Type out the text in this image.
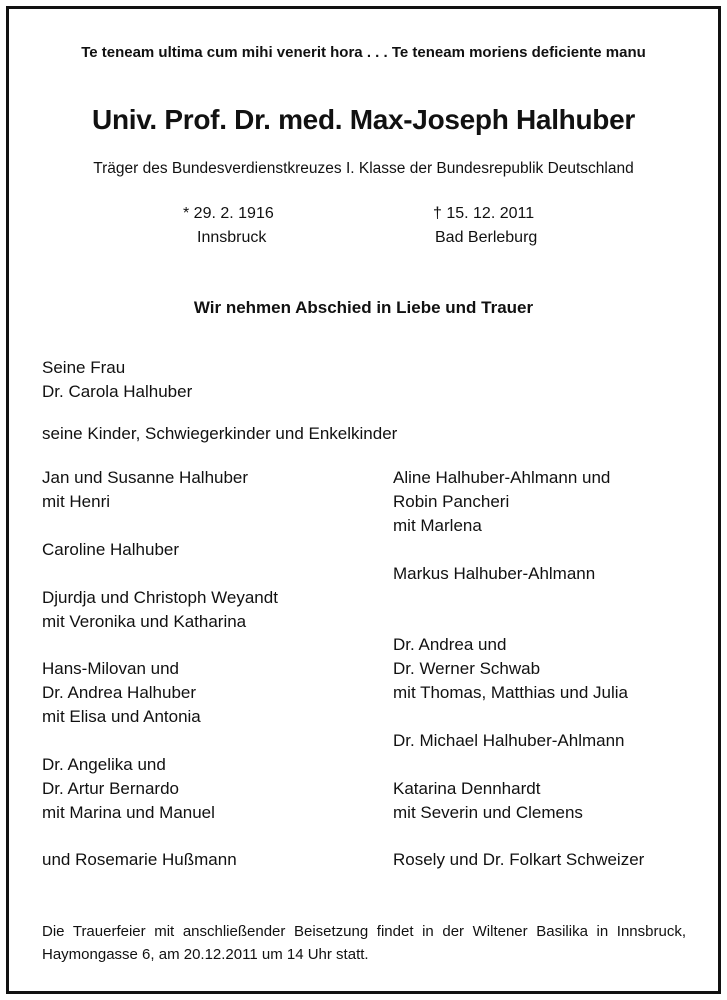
Te teneam ultima cum mihi venerit hora . . . Te teneam moriens deficiente manu
Univ. Prof. Dr. med. Max-Joseph Halhuber
Träger des Bundesverdienstkreuzes I. Klasse der Bundesrepublik Deutschland
* 29. 2. 1916
Innsbruck
† 15. 12. 2011
Bad Berleburg
Wir nehmen Abschied in Liebe und Trauer
Seine Frau
Dr. Carola Halhuber
seine Kinder, Schwiegerkinder und Enkelkinder
Jan und Susanne Halhuber
mit Henri
Caroline Halhuber
Djurdja und Christoph Weyandt
mit Veronika und Katharina
Hans-Milovan und
Dr. Andrea Halhuber
mit Elisa und Antonia
Dr. Angelika und
Dr. Artur Bernardo
mit Marina und Manuel
und Rosemarie Hußmann
Aline Halhuber-Ahlmann und
Robin Pancheri
mit Marlena
Markus Halhuber-Ahlmann
Dr. Andrea und
Dr. Werner Schwab
mit Thomas, Matthias und Julia
Dr. Michael Halhuber-Ahlmann
Katarina Dennhardt
mit Severin und Clemens
Rosely und Dr. Folkart Schweizer
Die Trauerfeier mit anschließender Beisetzung findet in der Wiltener Basilika in Innsbruck, Haymongasse 6, am 20.12.2011 um 14 Uhr statt.
